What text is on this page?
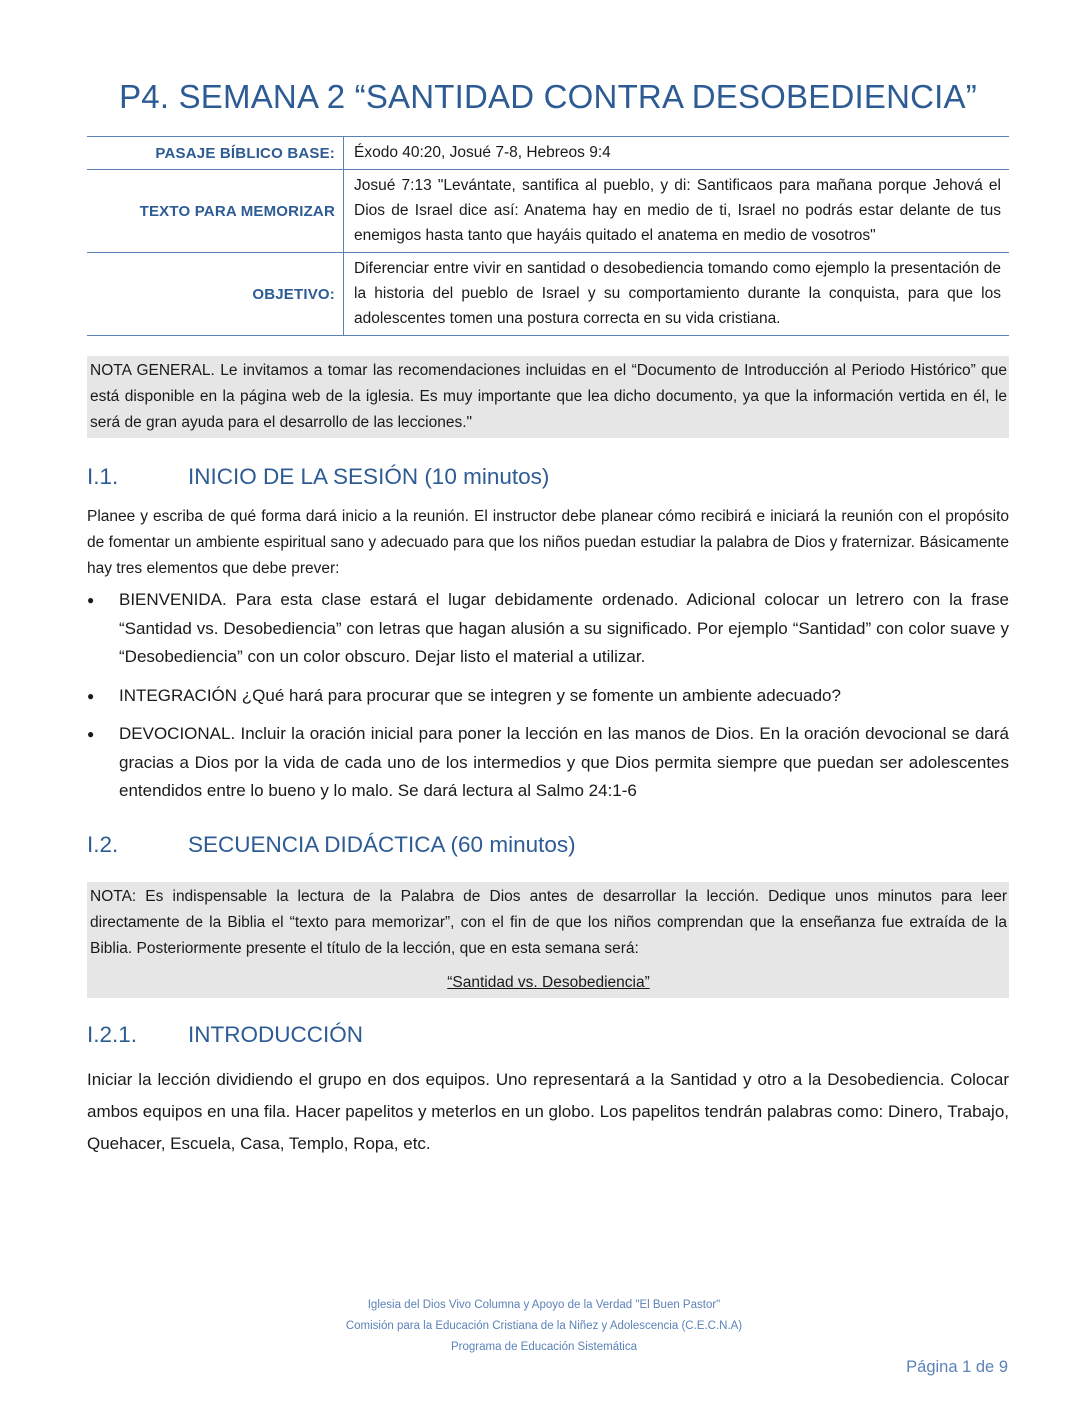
P4. SEMANA 2 “SANTIDAD CONTRA DESOBEDIENCIA”
PASAJE BÍBLICO BASE:	Éxodo 40:20, Josué 7-8, Hebreos 9:4
TEXTO PARA MEMORIZAR	Josué 7:13 "Levántate, santifica al pueblo, y di: Santificaos para mañana porque Jehová el Dios de Israel dice así: Anatema hay en medio de ti, Israel no podrás estar delante de tus enemigos hasta tanto que hayáis quitado el anatema en medio de vosotros"
OBJETIVO:	Diferenciar entre vivir en santidad o desobediencia tomando como ejemplo la presentación de la historia del pueblo de Israel y su comportamiento durante la conquista, para que los adolescentes tomen una postura correcta en su vida cristiana.
NOTA GENERAL. Le invitamos a tomar las recomendaciones incluidas en el “Documento de Introducción al Periodo Histórico” que está disponible en la página web de la iglesia. Es muy importante que lea dicho documento, ya que la información vertida en él, le será de gran ayuda para el desarrollo de las lecciones."
I.1.	INICIO DE LA SESIÓN (10 minutos)

Planee y escriba de qué forma dará inicio a la reunión. El instructor debe planear cómo recibirá e iniciará la reunión con el propósito de fomentar un ambiente espiritual sano y adecuado para que los niños puedan estudiar la palabra de Dios y fraternizar. Básicamente hay tres elementos que debe prever:

● BIENVENIDA. Para esta clase estará el lugar debidamente ordenado. Adicional colocar un letrero con la frase “Santidad vs. Desobediencia” con letras que hagan alusión a su significado. Por ejemplo “Santidad” con color suave y “Desobediencia” con un color obscuro. Dejar listo el material a utilizar.
● INTEGRACIÓN ¿Qué hará para procurar que se integren y se fomente un ambiente adecuado?
● DEVOCIONAL. Incluir la oración inicial para poner la lección en las manos de Dios. En la oración devocional se dará gracias a Dios por la vida de cada uno de los intermedios y que Dios permita siempre que puedan ser adolescentes entendidos entre lo bueno y lo malo. Se dará lectura al Salmo 24:1-6
I.2.	SECUENCIA DIDÁCTICA (60 minutos)
NOTA: Es indispensable la lectura de la Palabra de Dios antes de desarrollar la lección. Dedique unos minutos para leer directamente de la Biblia el “texto para memorizar”, con el fin de que los niños comprendan que la enseñanza fue extraída de la Biblia. Posteriormente presente el título de la lección, que en esta semana será:
“Santidad vs. Desobediencia”
I.2.1.	INTRODUCCIÓN

Iniciar la lección dividiendo el grupo en dos equipos. Uno representará a la Santidad y otro a la Desobediencia. Colocar ambos equipos en una fila. Hacer papelitos y meterlos en un globo. Los papelitos tendrán palabras como: Dinero, Trabajo, Quehacer, Escuela, Casa, Templo, Ropa, etc.

Iglesia del Dios Vivo Columna y Apoyo de la Verdad "El Buen Pastor"
Comisión para la Educación Cristiana de la Niñez y Adolescencia (C.E.C.N.A)
Programa de Educación Sistemática
Página 1 de 9
